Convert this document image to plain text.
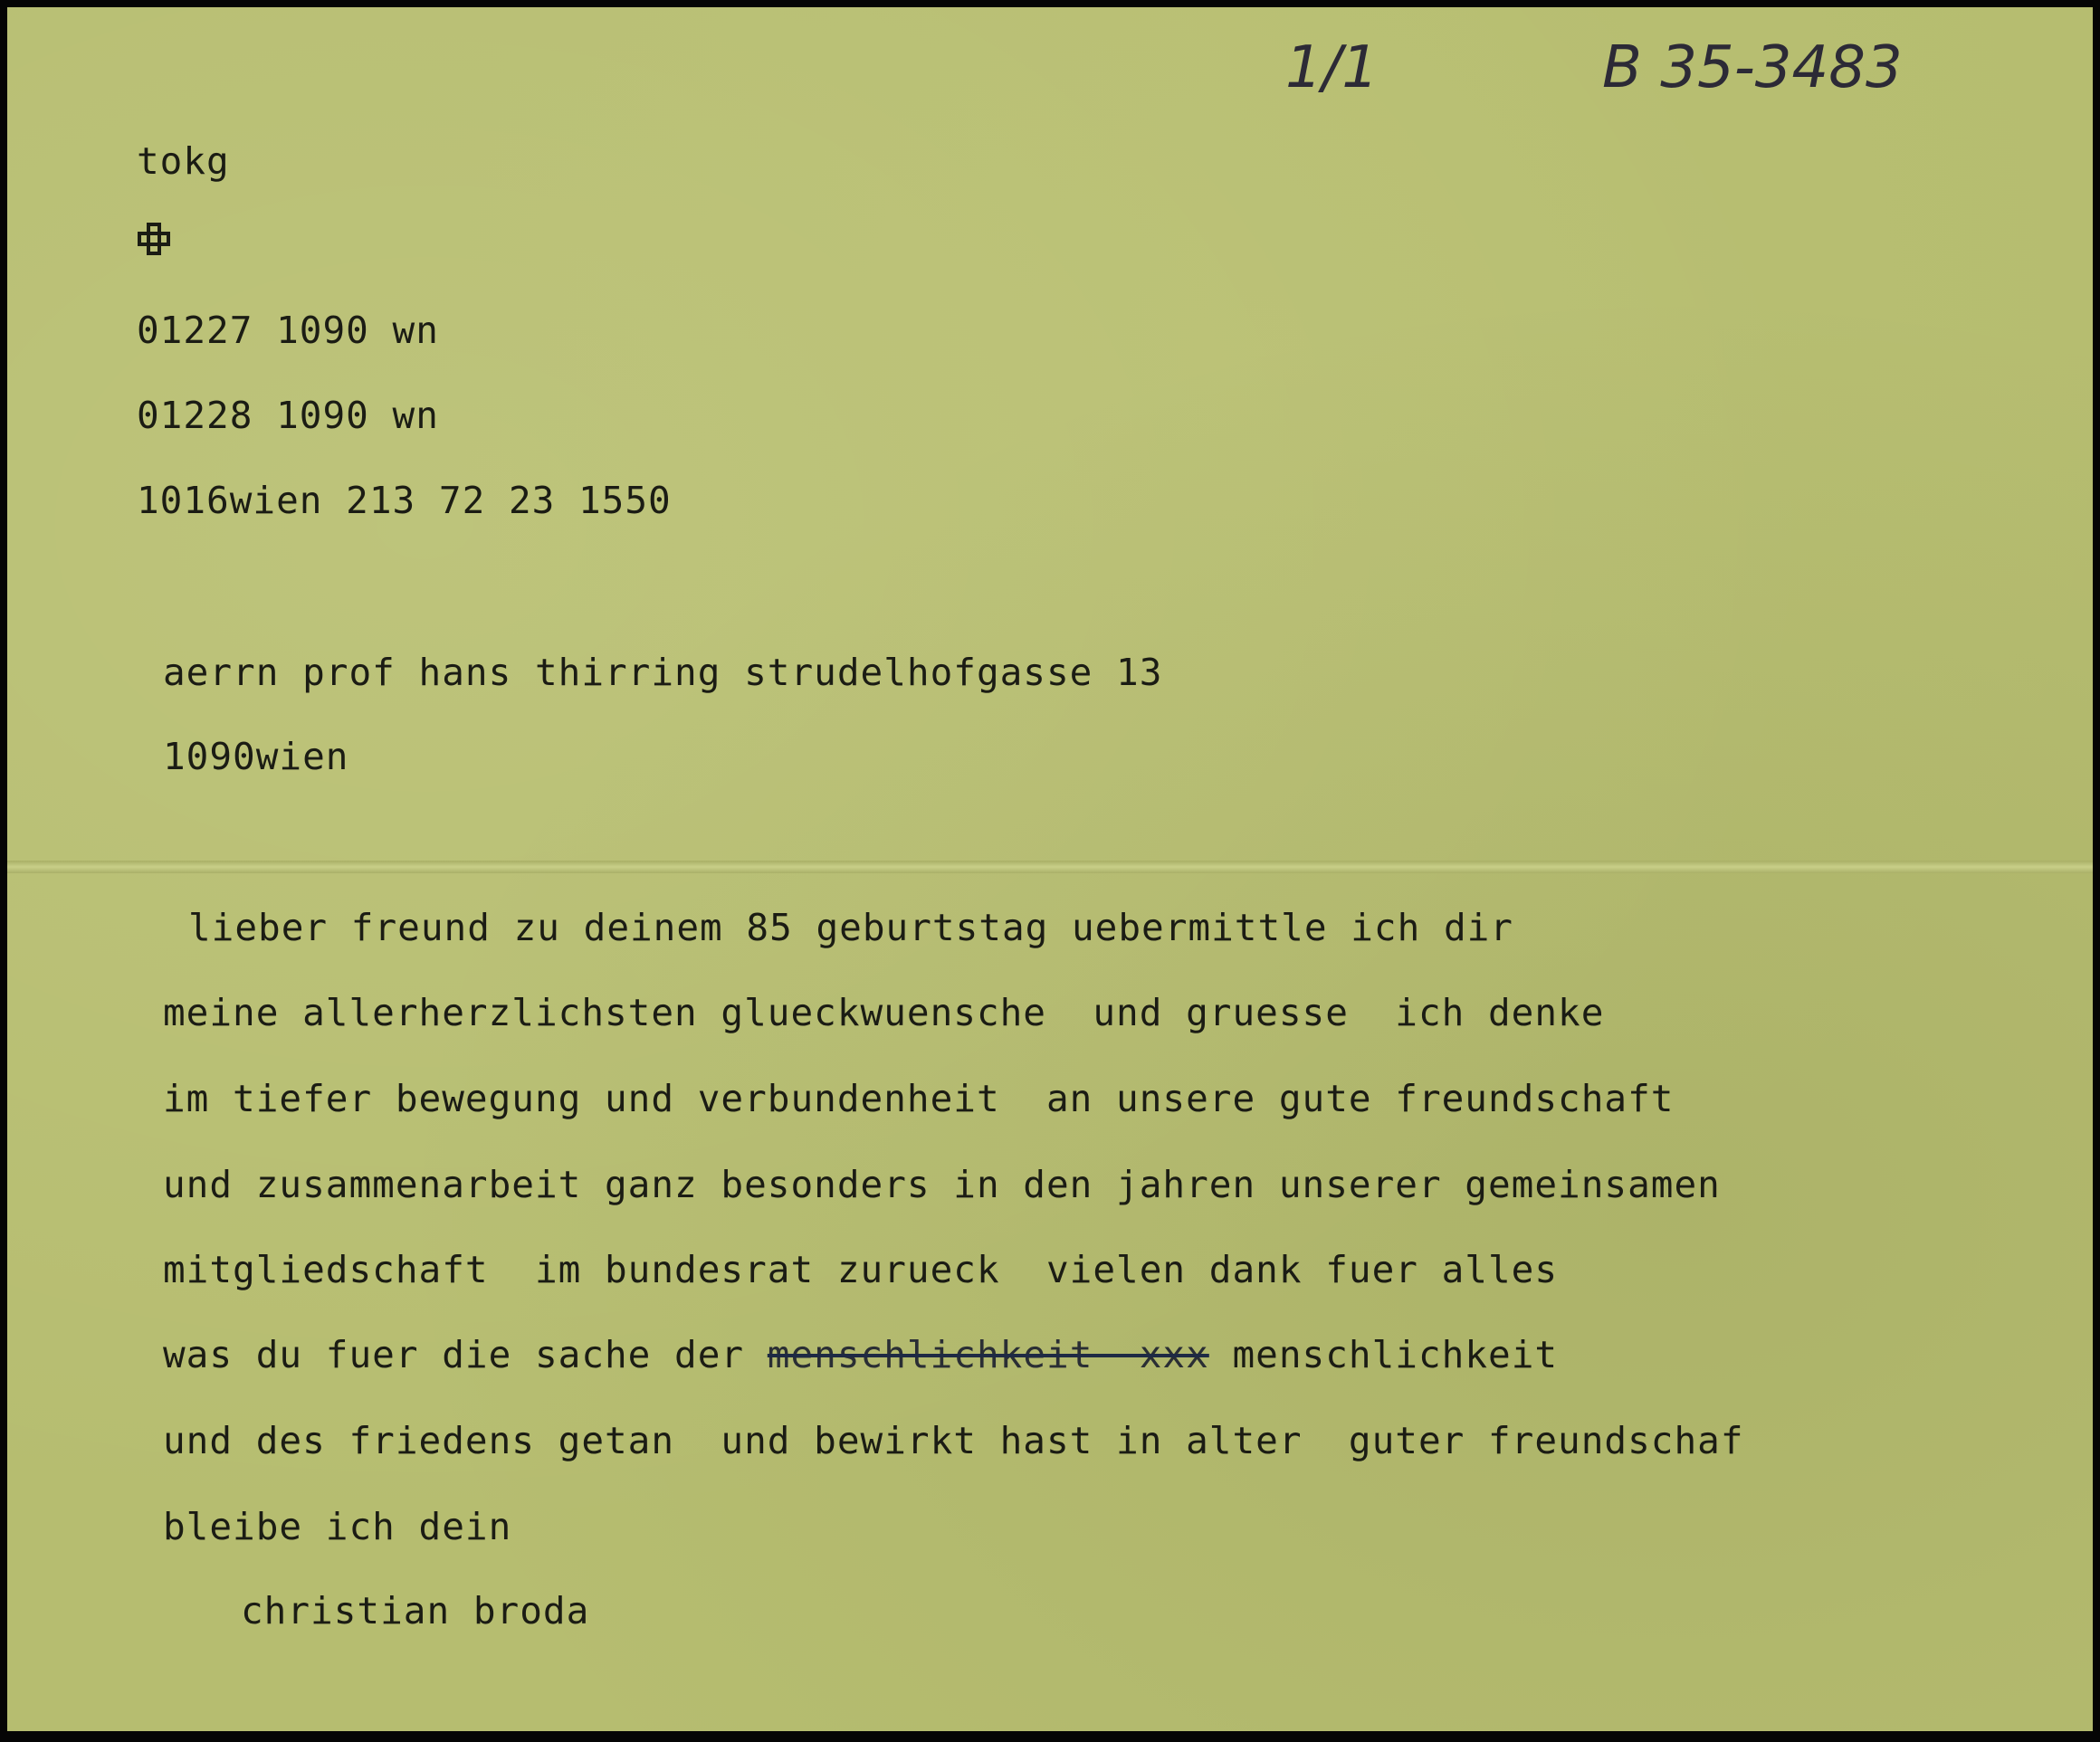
1/1	B 35-3483
tokg
01227 1090 wn
01228 1090 wn
1016wien 213 72 23 1550
aerrn prof hans thirring strudelhofgasse 13
1090wien
lieber freund zu deinem 85 geburtstag uebermittle ich dir
meine allerherzlichsten glueckwuensche  und gruesse  ich denke
im tiefer bewegung und verbundenheit  an unsere gute freundschaft
und zusammenarbeit ganz besonders in den jahren unserer gemeinsamen
mitgliedschaft  im bundesrat zurueck  vielen dank fuer alles
was du fuer die sache der menschlichkeit  xxx menschlichkeit
und des friedens getan  und bewirkt hast in alter  guter freundschaf
bleibe ich dein
christian broda
